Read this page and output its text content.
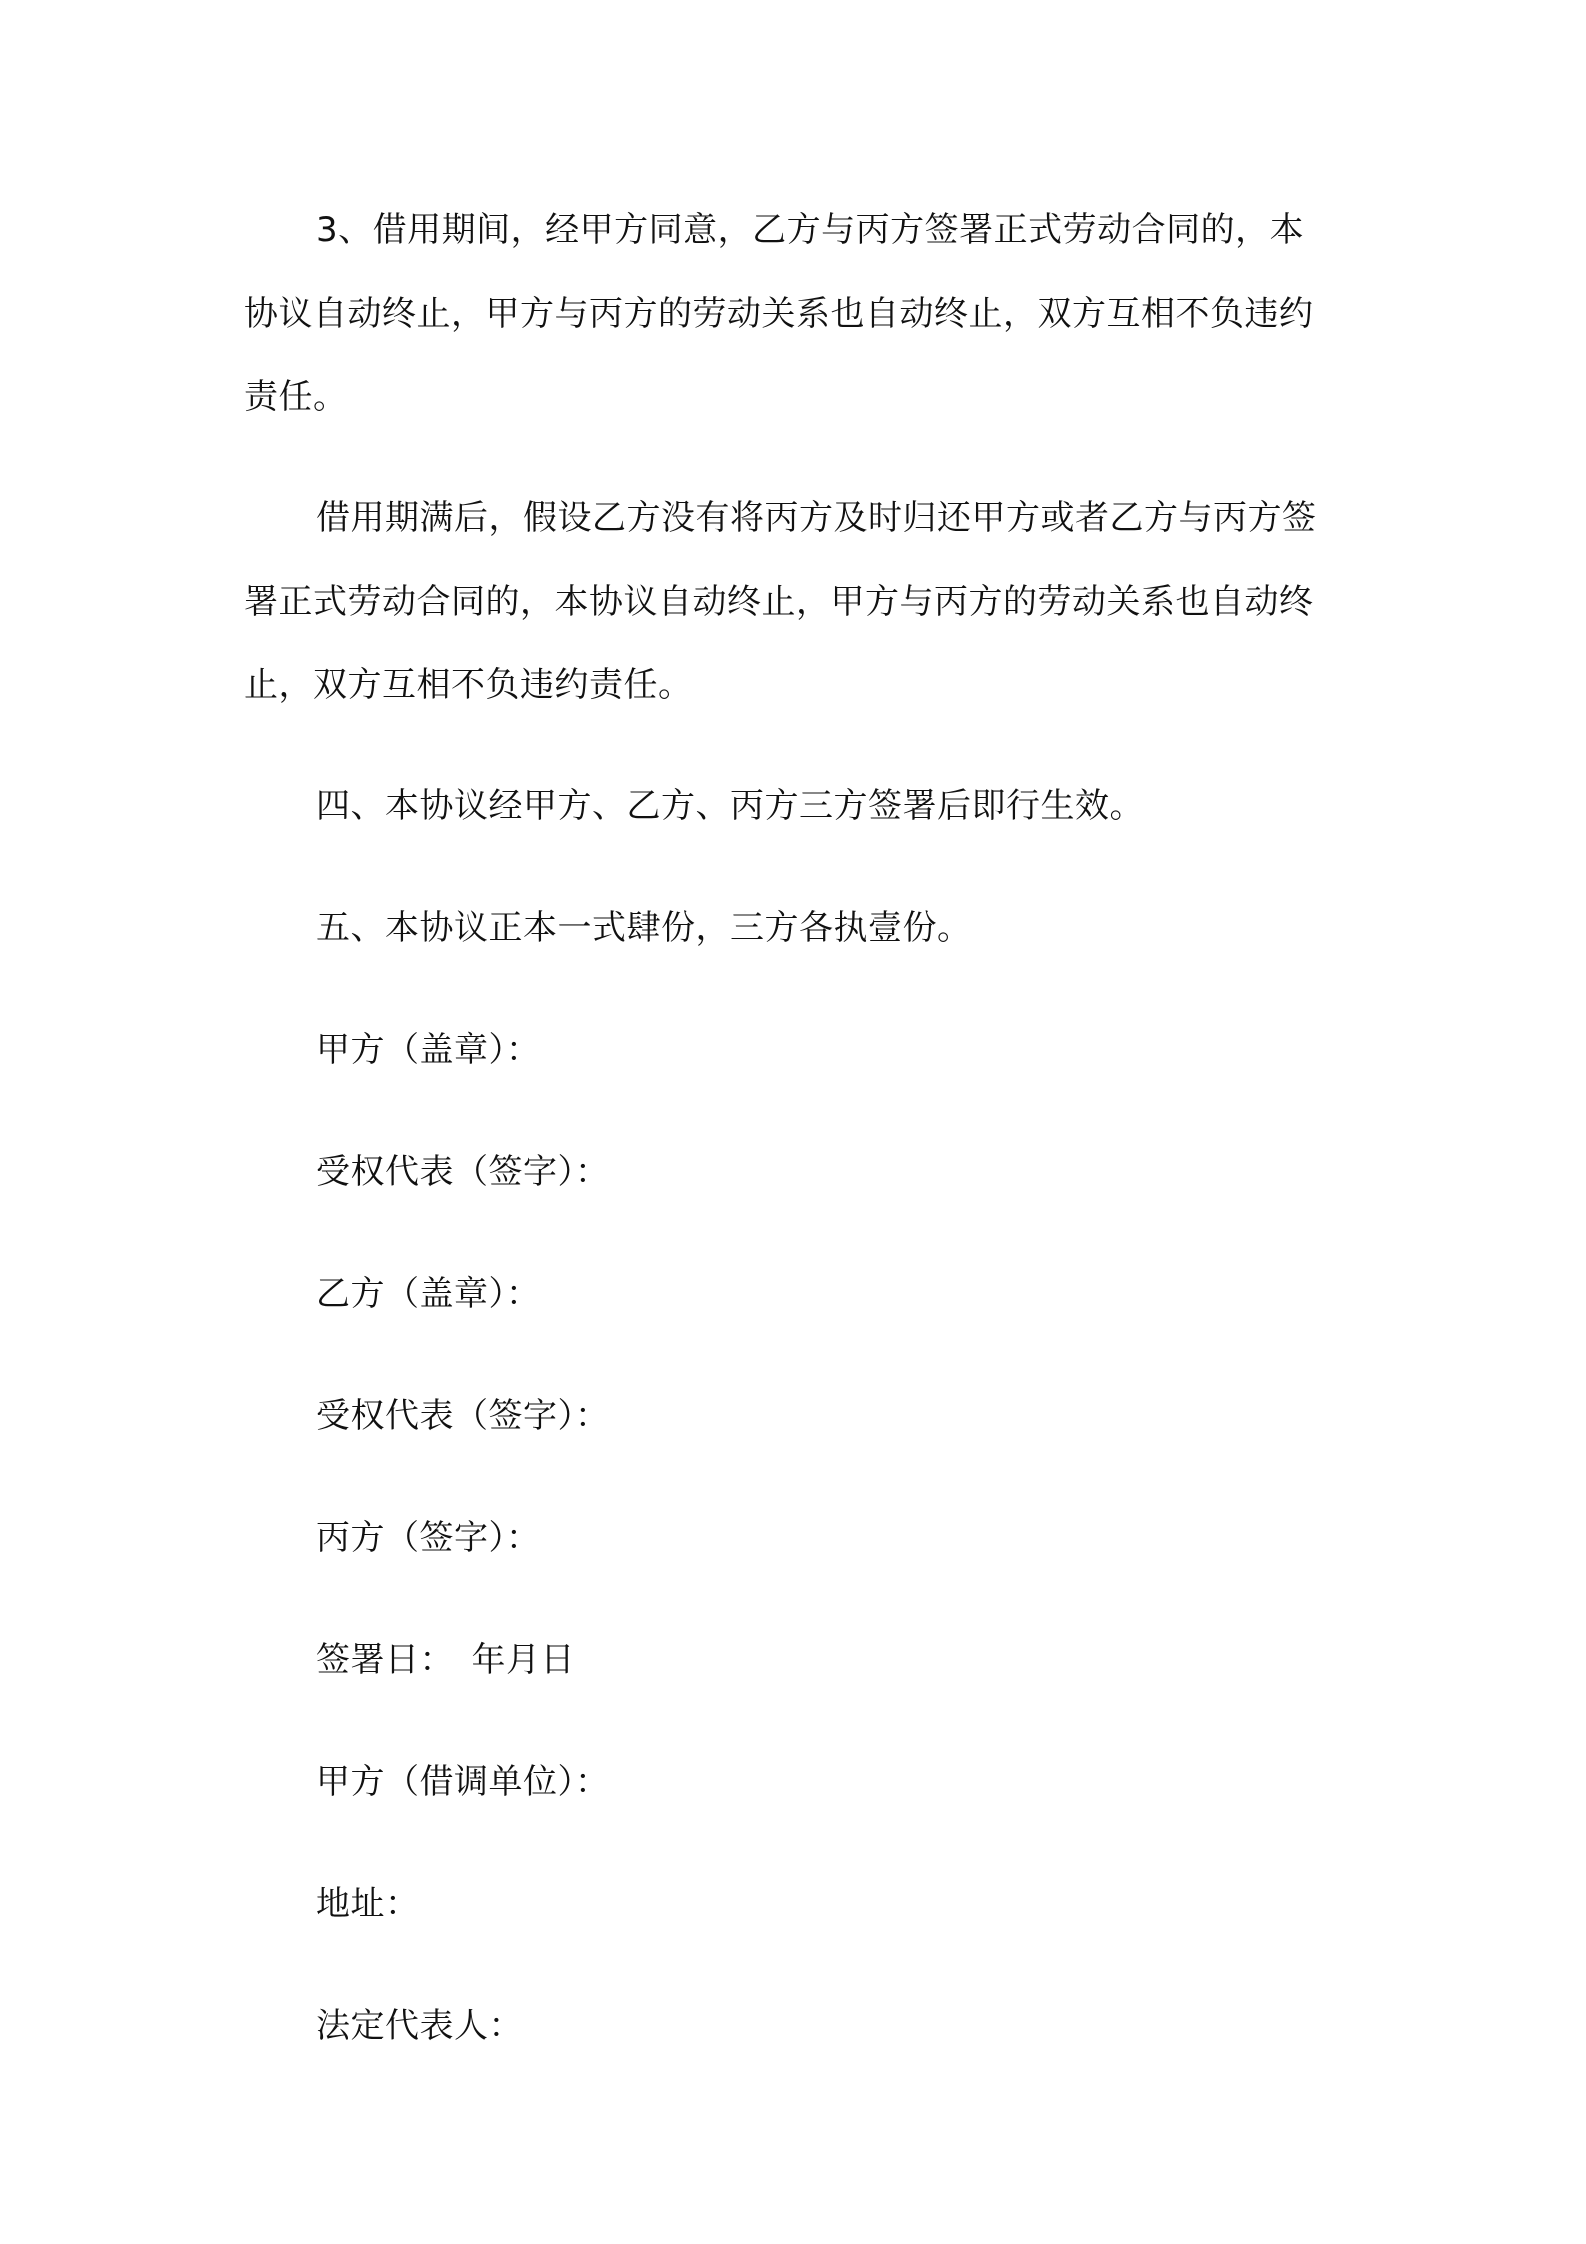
3、借用期间，经甲方同意，乙方与丙方签署正式劳动合同的，本
协议自动终止，甲方与丙方的劳动关系也自动终止，双方互相不负违约
责任。
借用期满后，假设乙方没有将丙方及时归还甲方或者乙方与丙方签
署正式劳动合同的，本协议自动终止，甲方与丙方的劳动关系也自动终
止，双方互相不负违约责任。
四、本协议经甲方、乙方、丙方三方签署后即行生效。
五、本协议正本一式肆份，三方各执壹份。
甲方（盖章）：
受权代表（签字）：
乙方（盖章）：
受权代表（签字）：
丙方（签字）：
签署日：　年月日
甲方（借调单位）：
地址：
法定代表人：
